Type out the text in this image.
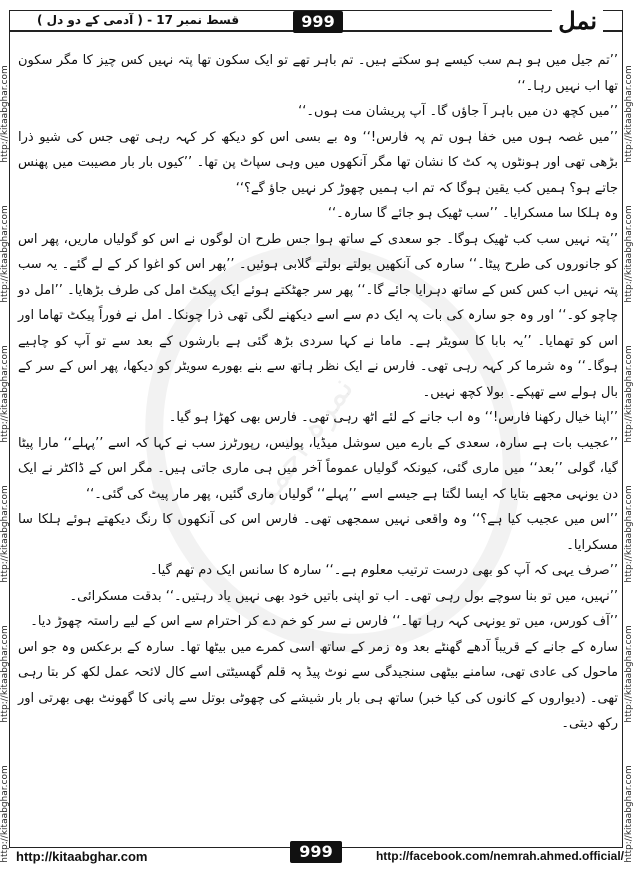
نمرہ احمد
قسط نمبر 17 - ( آدمی کے دو دل )	999	نمل
http://kitaabghar.com
http://kitaabghar.com
http://kitaabghar.com
http://kitaabghar.com
http://kitaabghar.com
http://kitaabghar.com
http://kitaabghar.com
http://kitaabghar.com
http://kitaabghar.com
http://kitaabghar.com
http://kitaabghar.com
http://kitaabghar.com

’’تم جیل میں ہو ہم سب کیسے ہو سکتے ہیں۔ تم باہر تھے تو ایک سکون تھا پتہ نہیں کس چیز کا مگر سکون تھا اب نہیں رہا۔‘‘

’’میں کچھ دن میں باہر آ جاؤں گا۔ آپ پریشان مت ہوں۔‘‘

’’میں غصہ ہوں میں خفا ہوں تم پہ فارس!‘‘ وہ بے بسی اس کو دیکھ کر کہہ رہی تھی جس کی شیو ذرا بڑھی تھی اور ہونٹوں پہ کٹ کا نشان تھا مگر آنکھوں میں وہی سپاٹ پن تھا۔ ’’کیوں بار بار مصیبت میں پھنس جاتے ہو؟ ہمیں کب یقین ہوگا کہ تم اب ہمیں چھوڑ کر نہیں جاؤ گے؟‘‘

وہ ہلکا سا مسکرایا۔ ’’سب ٹھیک ہو جائے گا سارہ۔‘‘

’’پتہ نہیں سب کب ٹھیک ہوگا۔ جو سعدی کے ساتھ ہوا جس طرح ان لوگوں نے اس کو گولیاں ماریں، پھر اس کو جانوروں کی طرح پیٹا۔‘‘ سارہ کی آنکھیں بولتے بولتے گلابی ہوئیں۔ ’’پھر اس کو اغوا کر کے لے گئے۔ یہ سب پتہ نہیں اب کس کس کے ساتھ دہرایا جائے گا۔‘‘ پھر سر جھٹکتے ہوئے ایک پیکٹ امل کی طرف بڑھایا۔ ’’امل دو چاچو کو۔‘‘ اور وہ جو سارہ کی بات پہ ایک دم سے اسے دیکھنے لگی تھی ذرا چونکا۔ امل نے فوراً پیکٹ تھاما اور اس کو تھمایا۔ ’’یہ بابا کا سویٹر ہے۔ ماما نے کہا سردی بڑھ گئی ہے بارشوں کے بعد سے تو آپ کو چاہیے ہوگا۔‘‘ وہ شرما کر کہہ رہی تھی۔ فارس نے ایک نظر ہاتھ سے بنے بھورے سویٹر کو دیکھا، پھر اس کے سر کے بال ہولے سے تھپکے۔ بولا کچھ نہیں۔

’’اپنا خیال رکھنا فارس!‘‘ وہ اب جانے کے لئے اٹھ رہی تھی۔ فارس بھی کھڑا ہو گیا۔

’’عجیب بات ہے سارہ، سعدی کے بارے میں سوشل میڈیا، پولیس، رپورٹرز سب نے کہا کہ اسے ’’پہلے‘‘ مارا پیٹا گیا، گولی ’’بعد‘‘ میں ماری گئی، کیونکہ گولیاں عموماً آخر میں ہی ماری جاتی ہیں۔ مگر اس کے ڈاکٹر نے ایک دن یونہی مجھے بتایا کہ ایسا لگتا ہے جیسے اسے ’’پہلے‘‘ گولیاں ماری گئیں، پھر مار پیٹ کی گئی۔‘‘

’’اس میں عجیب کیا ہے؟‘‘ وہ واقعی نہیں سمجھی تھی۔ فارس اس کی آنکھوں کا رنگ دیکھتے ہوئے ہلکا سا مسکرایا۔

’’صرف یہی کہ آپ کو بھی درست ترتیب معلوم ہے۔‘‘ سارہ کا سانس ایک دم تھم گیا۔

’’نہیں، میں تو بنا سوچے بول رہی تھی۔ اب تو اپنی باتیں خود بھی نہیں یاد رہتیں۔‘‘ بدقت مسکرائی۔

’’آف کورس، میں تو یونہی کہہ رہا تھا۔‘‘ فارس نے سر کو خم دے کر احترام سے اس کے لیے راستہ چھوڑ دیا۔

سارہ کے جانے کے قریباً آدھے گھنٹے بعد وہ زمر کے ساتھ اسی کمرے میں بیٹھا تھا۔ سارہ کے برعکس وہ جو اس ماحول کی عادی تھی، سامنے بیٹھی سنجیدگی سے نوٹ پیڈ پہ قلم گھسیٹتی اسے کال لائحہ عمل لکھ کر بتا رہی تھی۔ (دیواروں کے کانوں کی کیا خبر) ساتھ ہی بار بار شیشے کی چھوٹی بوتل سے پانی کا گھونٹ بھی بھرتی اور رکھ دیتی۔

http://kitaabghar.com	999	http://facebook.com/nemrah.ahmed.official/
